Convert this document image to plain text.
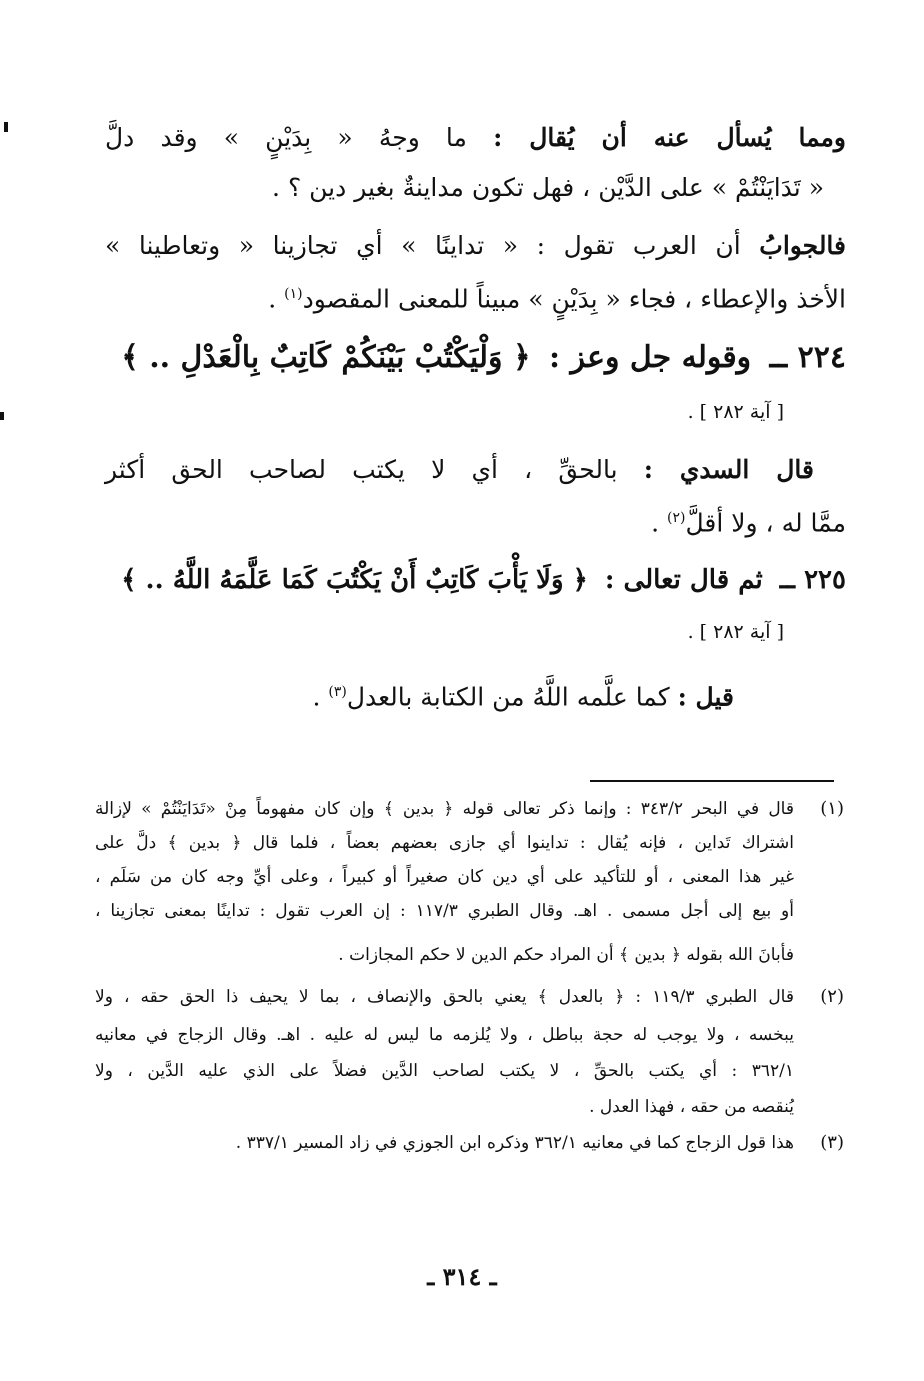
ومما يُسأل عنه أن يُقال : ما وجهُ « بِدَيْنٍ » وقد دلَّ
« تَدَايَنْتُمْ » على الدَّيْن ، فهل تكون مداينةٌ بغير دين ؟ .
فالجوابُ أن العرب تقول : « تداينًا » أي تجازينا « وتعاطينا »
الأخذ والإعطاء ، فجاء « بِدَيْنٍ » مبيناً للمعنى المقصود$^{(١)}$ .
٢٢٤ ــ وقوله جل وعز : ﴿ وَلْيَكْتُبْ بَيْنَكُمْ كَاتِبٌ بِالْعَدْلِ .. ﴾
[ آية ٢٨٢ ] .
قال السدي : بالحقِّ ، أي لا يكتب لصاحب الحق أكثر
ممَّا له ، ولا أقلَّ$^{(٢)}$ .
٢٢٥ ــ ثم قال تعالى : ﴿ وَلَا يَأْبَ كَاتِبٌ أَنْ يَكْتُبَ كَمَا عَلَّمَهُ اللَّهُ .. ﴾
[ آية ٢٨٢ ] .
قيل : كما علَّمه اللَّهُ من الكتابة بالعدل$^{(٣)}$ .
(١)
قال في البحر ٣٤٣/٢ : وإنما ذكر تعالى قوله ﴿ بدين ﴾ وإن كان مفهوماً مِنْ «تَدَايَنْتُمْ » لإزالة
اشتراك تَداين ، فإنه يُقال : تداينوا أي جازى بعضهم بعضاً ، فلما قال ﴿ بدين ﴾ دلَّ على
غير هذا المعنى ، أو للتأكيد على أي دين كان صغيراً أو كبيراً ، وعلى أيِّ وجه كان من سَلَم ،
أو بيع إلى أجل مسمى . اهـ. وقال الطبري ١١٧/٣ : إن العرب تقول : تداينًا بمعنى تجازينا ،
فأبانَ الله بقوله ﴿ بدين ﴾ أن المراد حكم الدين لا حكم المجازات .
(٢)
قال الطبري ١١٩/٣ : ﴿ بالعدل ﴾ يعني بالحق والإنصاف ، بما لا يحيف ذا الحق حقه ، ولا
يبخسه ، ولا يوجب له حجة بباطل ، ولا يُلزمه ما ليس له عليه . اهـ. وقال الزجاج في معانيه
٣٦٢/١ : أي يكتب بالحقِّ ، لا يكتب لصاحب الدَّين فضلاً على الذي عليه الدَّين ، ولا
يُنقصه من حقه ، فهذا العدل .
(٣)
هذا قول الزجاج كما في معانيه ٣٦٢/١ وذكره ابن الجوزي في زاد المسير ٣٣٧/١ .
ـ ٣١٤ ـ
